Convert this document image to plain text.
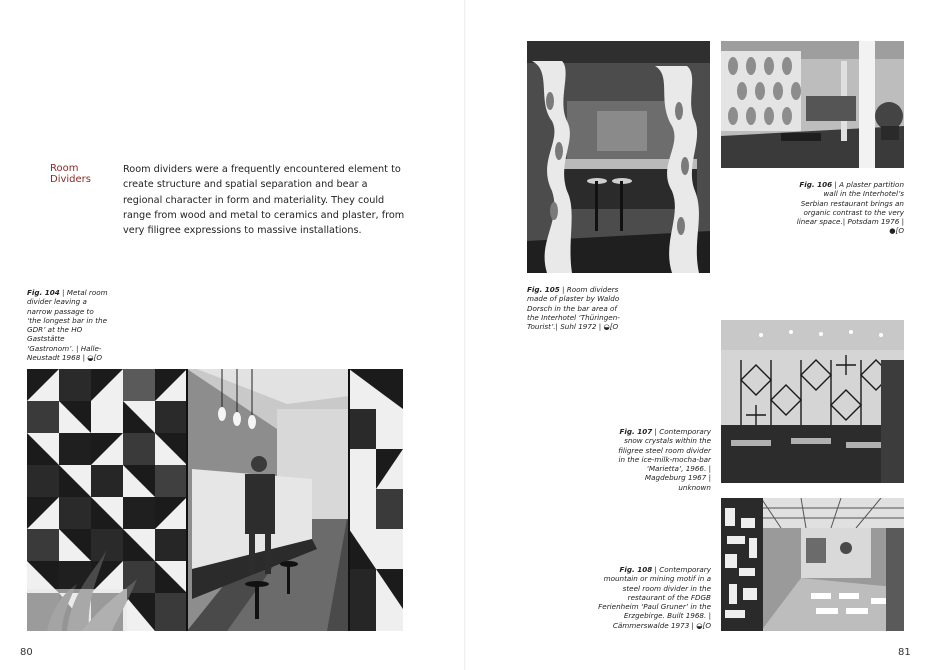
Room Dividers
Room dividers were a frequently encountered element to create structure and spatial separation and bear a regional character in form and materiality. They could range from wood and metal to ceramics and plaster, from very filigree expressions to massive installations.
Fig. 104 | Metal room divider leaving a narrow passage to ‘the longest bar in the GDR’ at the HO Gaststätte ‘Gastronom’. | Halle-Neustadt 1968 | ◒[O
80
Fig. 105 | Room dividers made of plaster by Waldo Dorsch in the bar area of the Interhotel ‘Thüringen-Tourist’.| Suhl 1972 | ◒[O
Fig. 106 | A plaster partition wall in the Interhotel’s Serbian restaurant brings an organic contrast to the very linear space.| Potsdam 1976 | ●[O
Fig. 107 | Contemporary snow crystals within the filigree steel room divider in the ice-milk-mocha-bar ‘Marietta’, 1966. | Magdeburg 1967 | unknown
Fig. 108 | Contemporary mountain or mining motif in a steel room divider in the restaurant of the FDGB Ferienheim ‘Paul Gruner’ in the Erzgebirge. Built 1968. | Cämmerswalde 1973 | ◒[O
81
